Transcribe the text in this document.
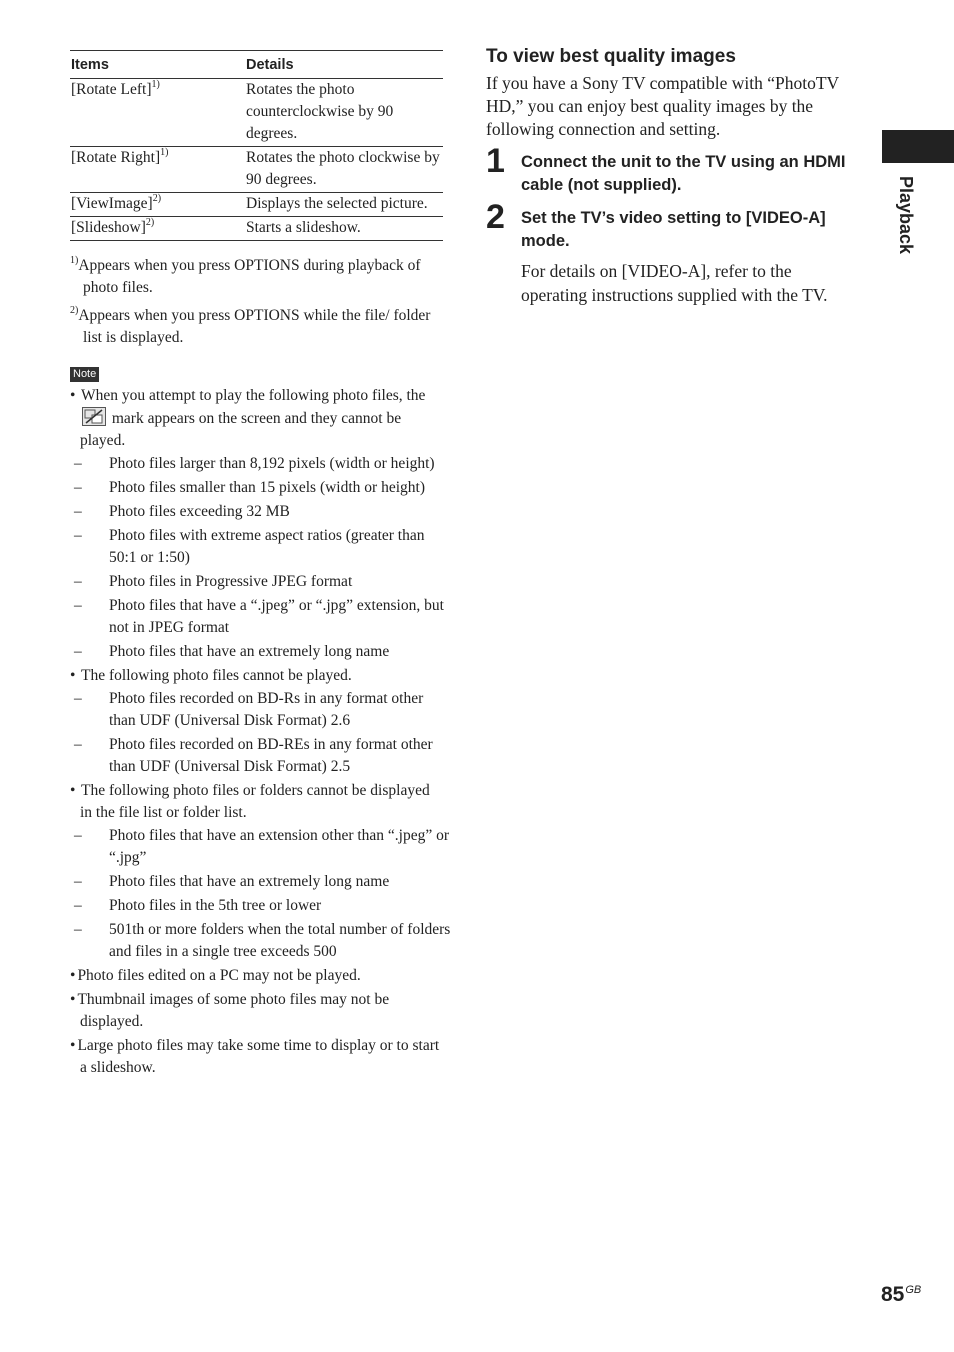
Items	Details
[Rotate Left]$^{1)}$	Rotates the photo counterclockwise by 90 degrees.
[Rotate Right]$^{1)}$	Rotates the photo clockwise by 90 degrees.
[ViewImage]$^{2)}$	Displays the selected picture.
[Slideshow]$^{2)}$	Starts a slideshow.
$^{1)}$Appears when you press OPTIONS during playback of photo files.
$^{2)}$Appears when you press OPTIONS while the file/ folder list is displayed.
Note
• When you attempt to play the following photo files, the
mark appears on the screen and they cannot be played.
– Photo files larger than 8,192 pixels (width or height)
– Photo files smaller than 15 pixels (width or height)
– Photo files exceeding 32 MB
– Photo files with extreme aspect ratios (greater than 50:1 or 1:50)
– Photo files in Progressive JPEG format
– Photo files that have a “.jpeg” or “.jpg” extension, but not in JPEG format
– Photo files that have an extremely long name
• The following photo files cannot be played.
– Photo files recorded on BD-Rs in any format other than UDF (Universal Disk Format) 2.6
– Photo files recorded on BD-REs in any format other than UDF (Universal Disk Format) 2.5
• The following photo files or folders cannot be displayed in the file list or folder list.
– Photo files that have an extension other than “.jpeg” or “.jpg”
– Photo files that have an extremely long name
– Photo files in the 5th tree or lower
– 501th or more folders when the total number of folders and files in a single tree exceeds 500
• Photo files edited on a PC may not be played.
• Thumbnail images of some photo files may not be displayed.
• Large photo files may take some time to display or to start a slideshow.
To view best quality images

If you have a Sony TV compatible with “PhotoTV HD,” you can enjoy best quality images by the following connection and setting.

1 Connect the unit to the TV using an HDMI cable (not supplied).
2 Set the TV’s video setting to [VIDEO-A] mode.
For details on [VIDEO-A], refer to the operating instructions supplied with the TV.
Playback
$85^{GB}$
